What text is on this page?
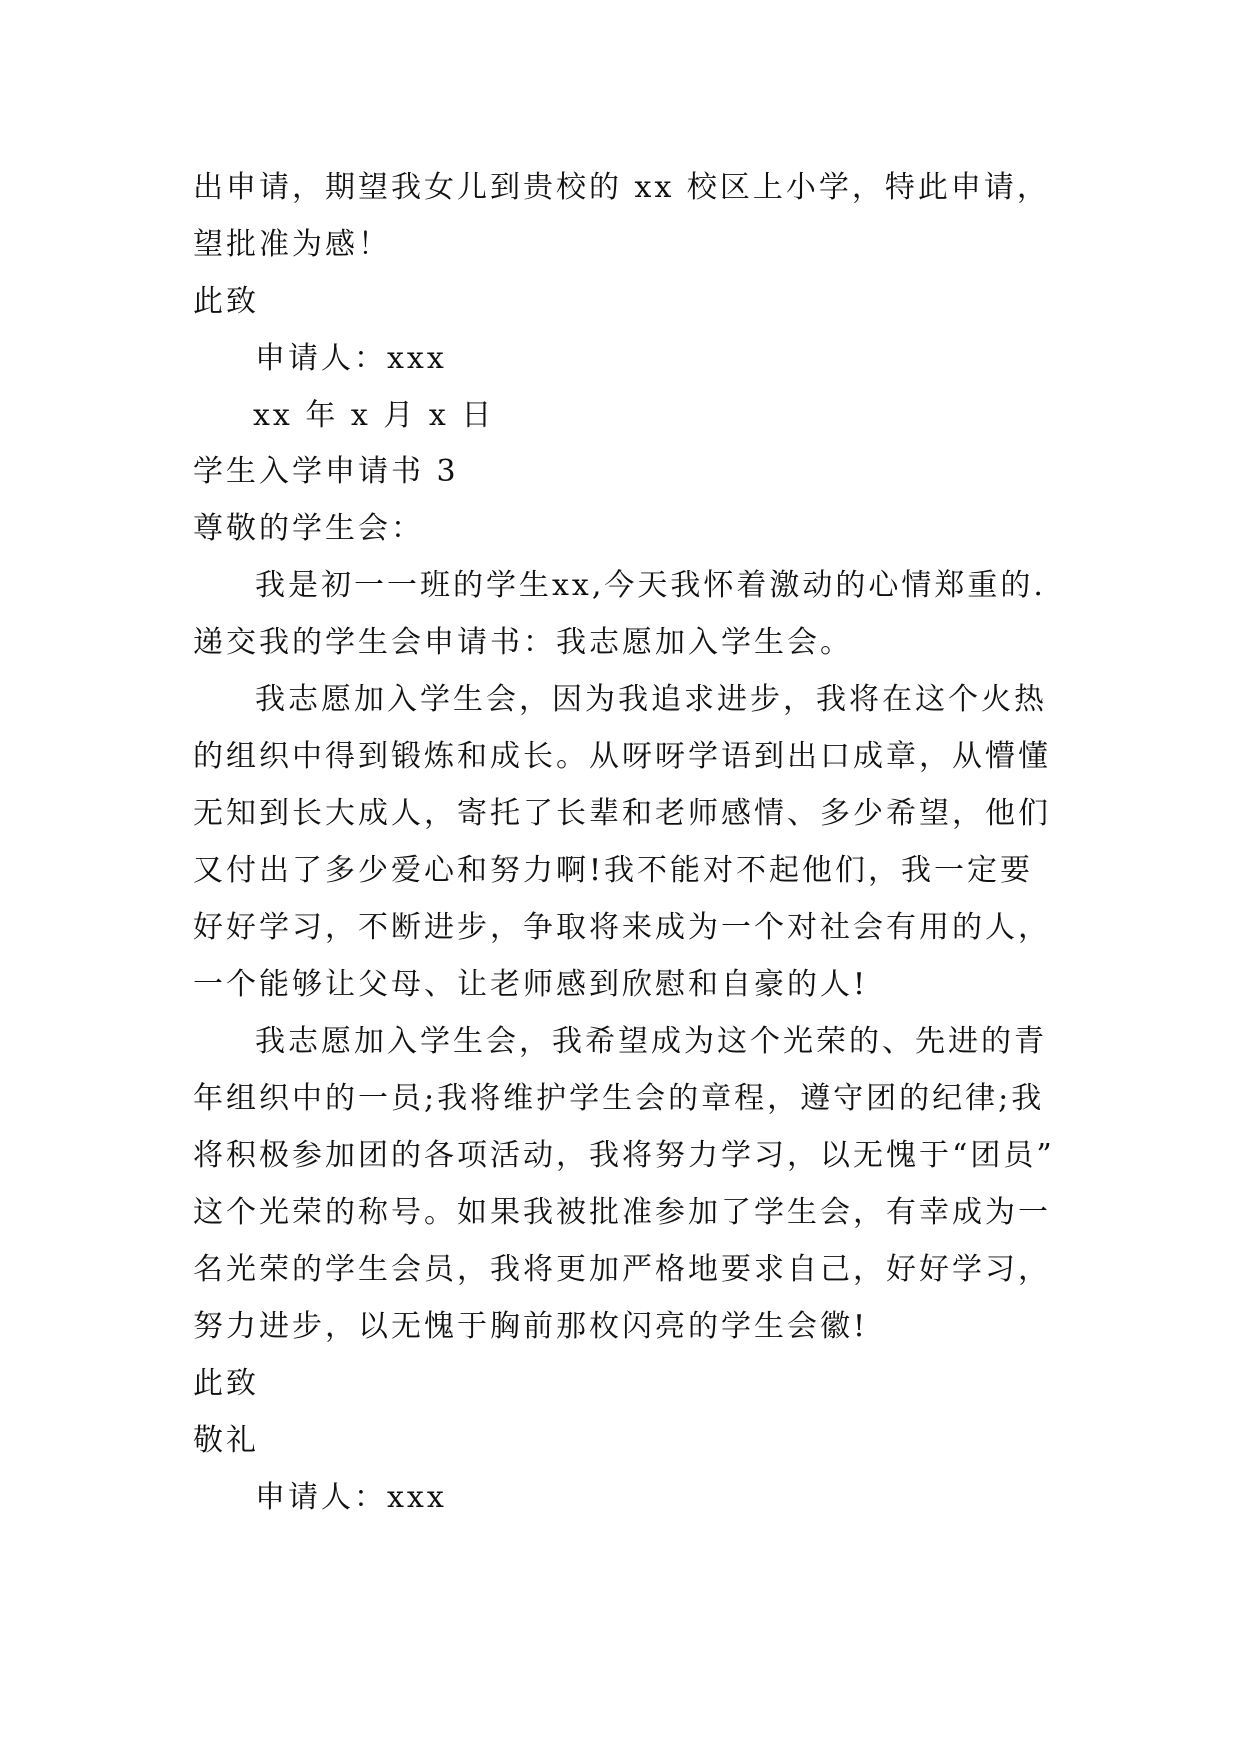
出申请，期望我女儿到贵校的 xx 校区上小学，特此申请，
望批准为感！
此致
申请人：xxx
xx 年 x 月 x 日
学生入学申请书 3
尊敬的学生会：
我是初一一班的学生xx,今天我怀着激动的心情郑重的.
递交我的学生会申请书：我志愿加入学生会。
我志愿加入学生会，因为我追求进步，我将在这个火热
的组织中得到锻炼和成长。从呀呀学语到出口成章，从懵懂
无知到长大成人，寄托了长辈和老师感情、多少希望，他们
又付出了多少爱心和努力啊!我不能对不起他们，我一定要
好好学习，不断进步，争取将来成为一个对社会有用的人，
一个能够让父母、让老师感到欣慰和自豪的人!
我志愿加入学生会，我希望成为这个光荣的、先进的青
年组织中的一员;我将维护学生会的章程，遵守团的纪律;我
将积极参加团的各项活动，我将努力学习，以无愧于“团员”
这个光荣的称号。如果我被批准参加了学生会，有幸成为一
名光荣的学生会员，我将更加严格地要求自己，好好学习，
努力进步，以无愧于胸前那枚闪亮的学生会徽!
此致
敬礼
申请人：xxx
